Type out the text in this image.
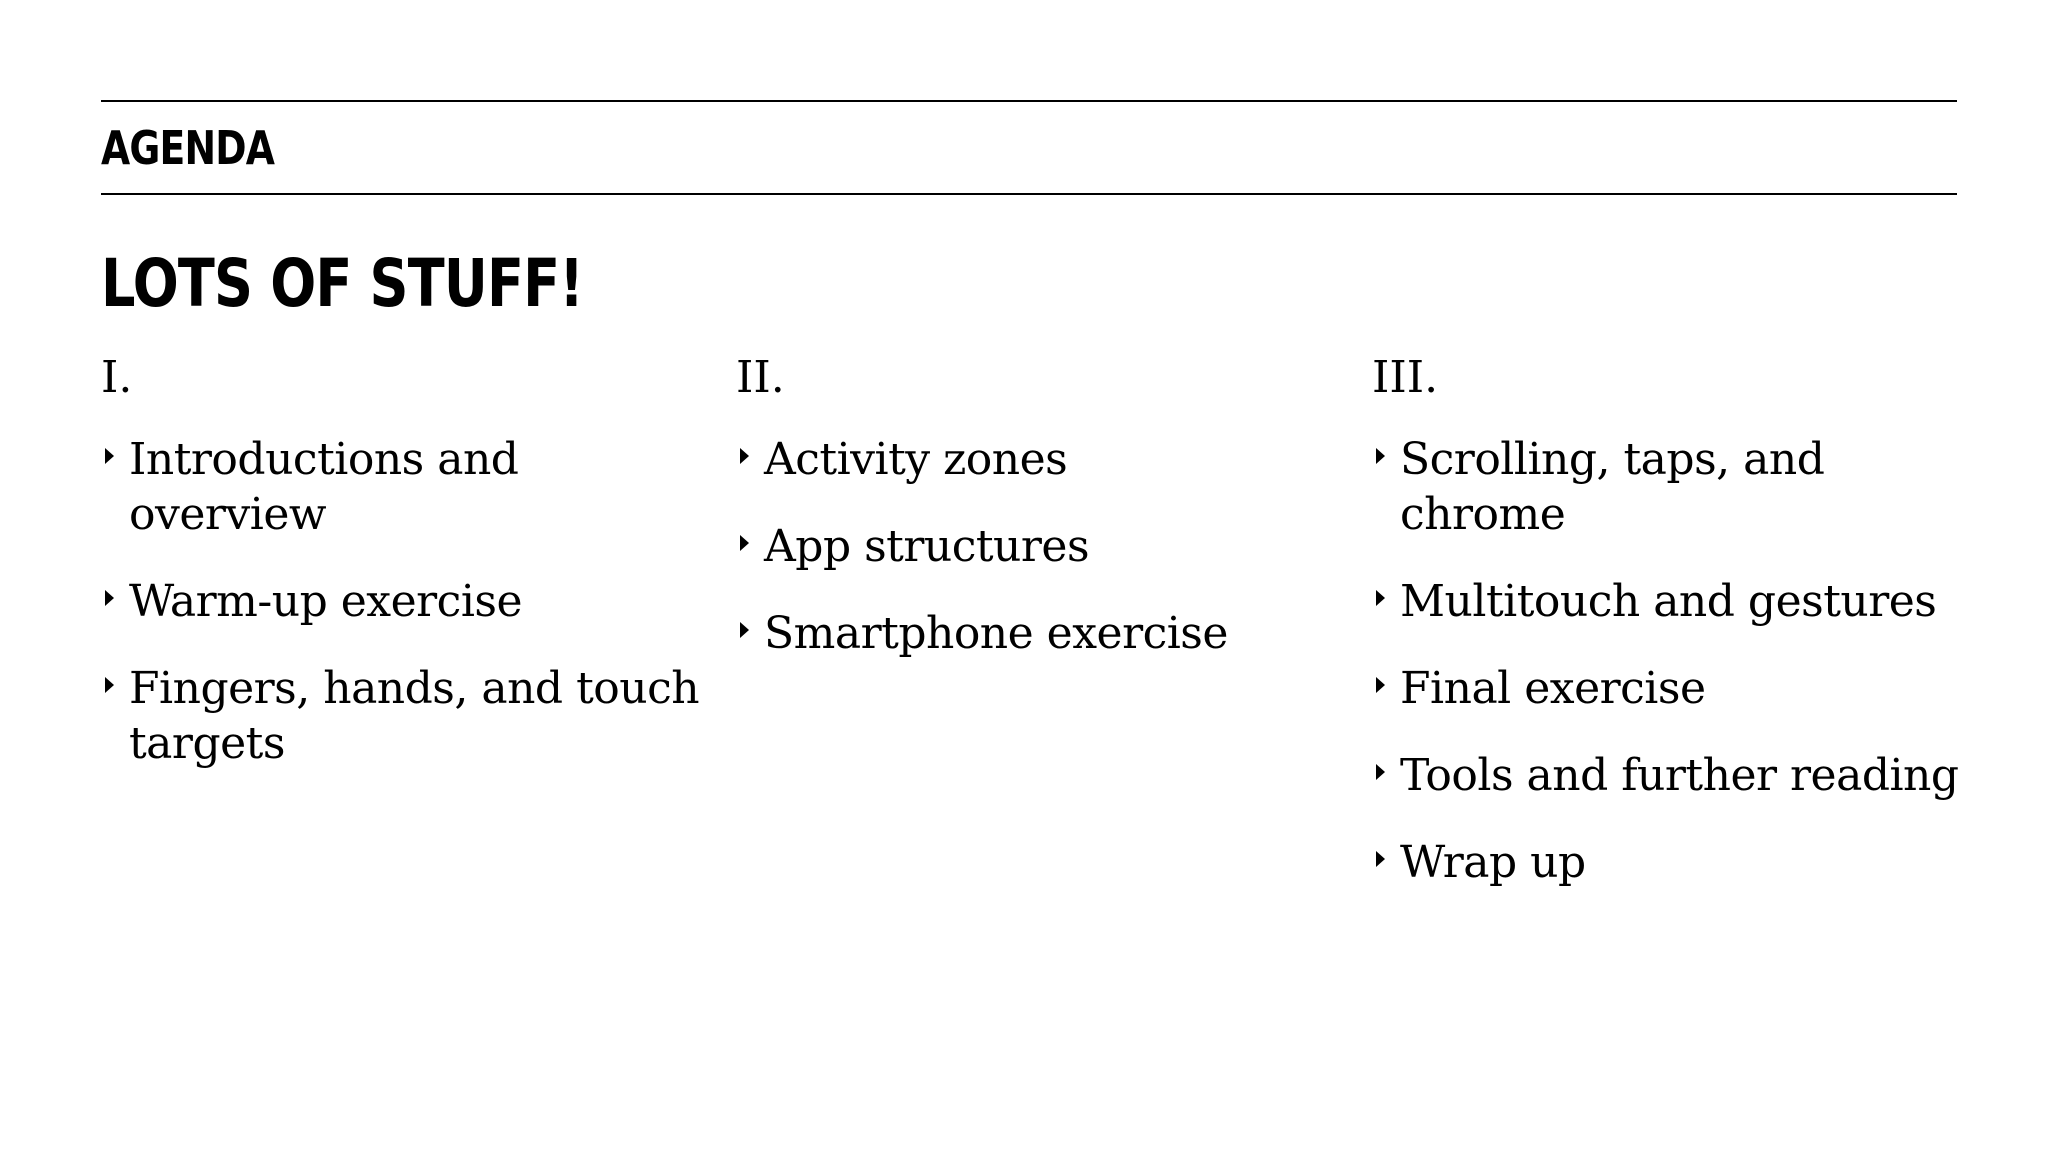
AGENDA
LOTS OF STUFF!
I.
Introductions and overview
Warm-up exercise
Fingers, hands, and touch targets
II.
Activity zones
App structures
Smartphone exercise
III.
Scrolling, taps, and chrome
Multitouch and gestures
Final exercise
Tools and further reading
Wrap up
